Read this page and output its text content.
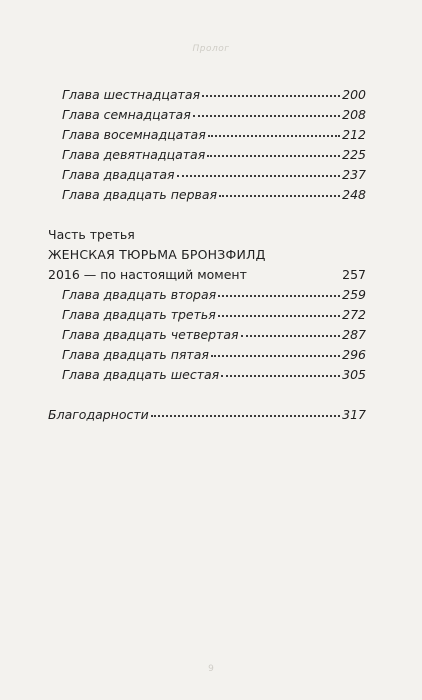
Пролог

Глава шестнадцатая	200
Глава семнадцатая	208
Глава восемнадцатая	212
Глава девятнадцатая	225
Глава двадцатая	237
Глава двадцать первая	248
Часть третья
ЖЕНСКАЯ ТЮРЬМА БРОНЗФИЛД
2016 — по настоящий момент	257
Глава двадцать вторая	259
Глава двадцать третья	272
Глава двадцать четвертая	287
Глава двадцать пятая	296
Глава двадцать шестая	305
Благодарности	317
9
